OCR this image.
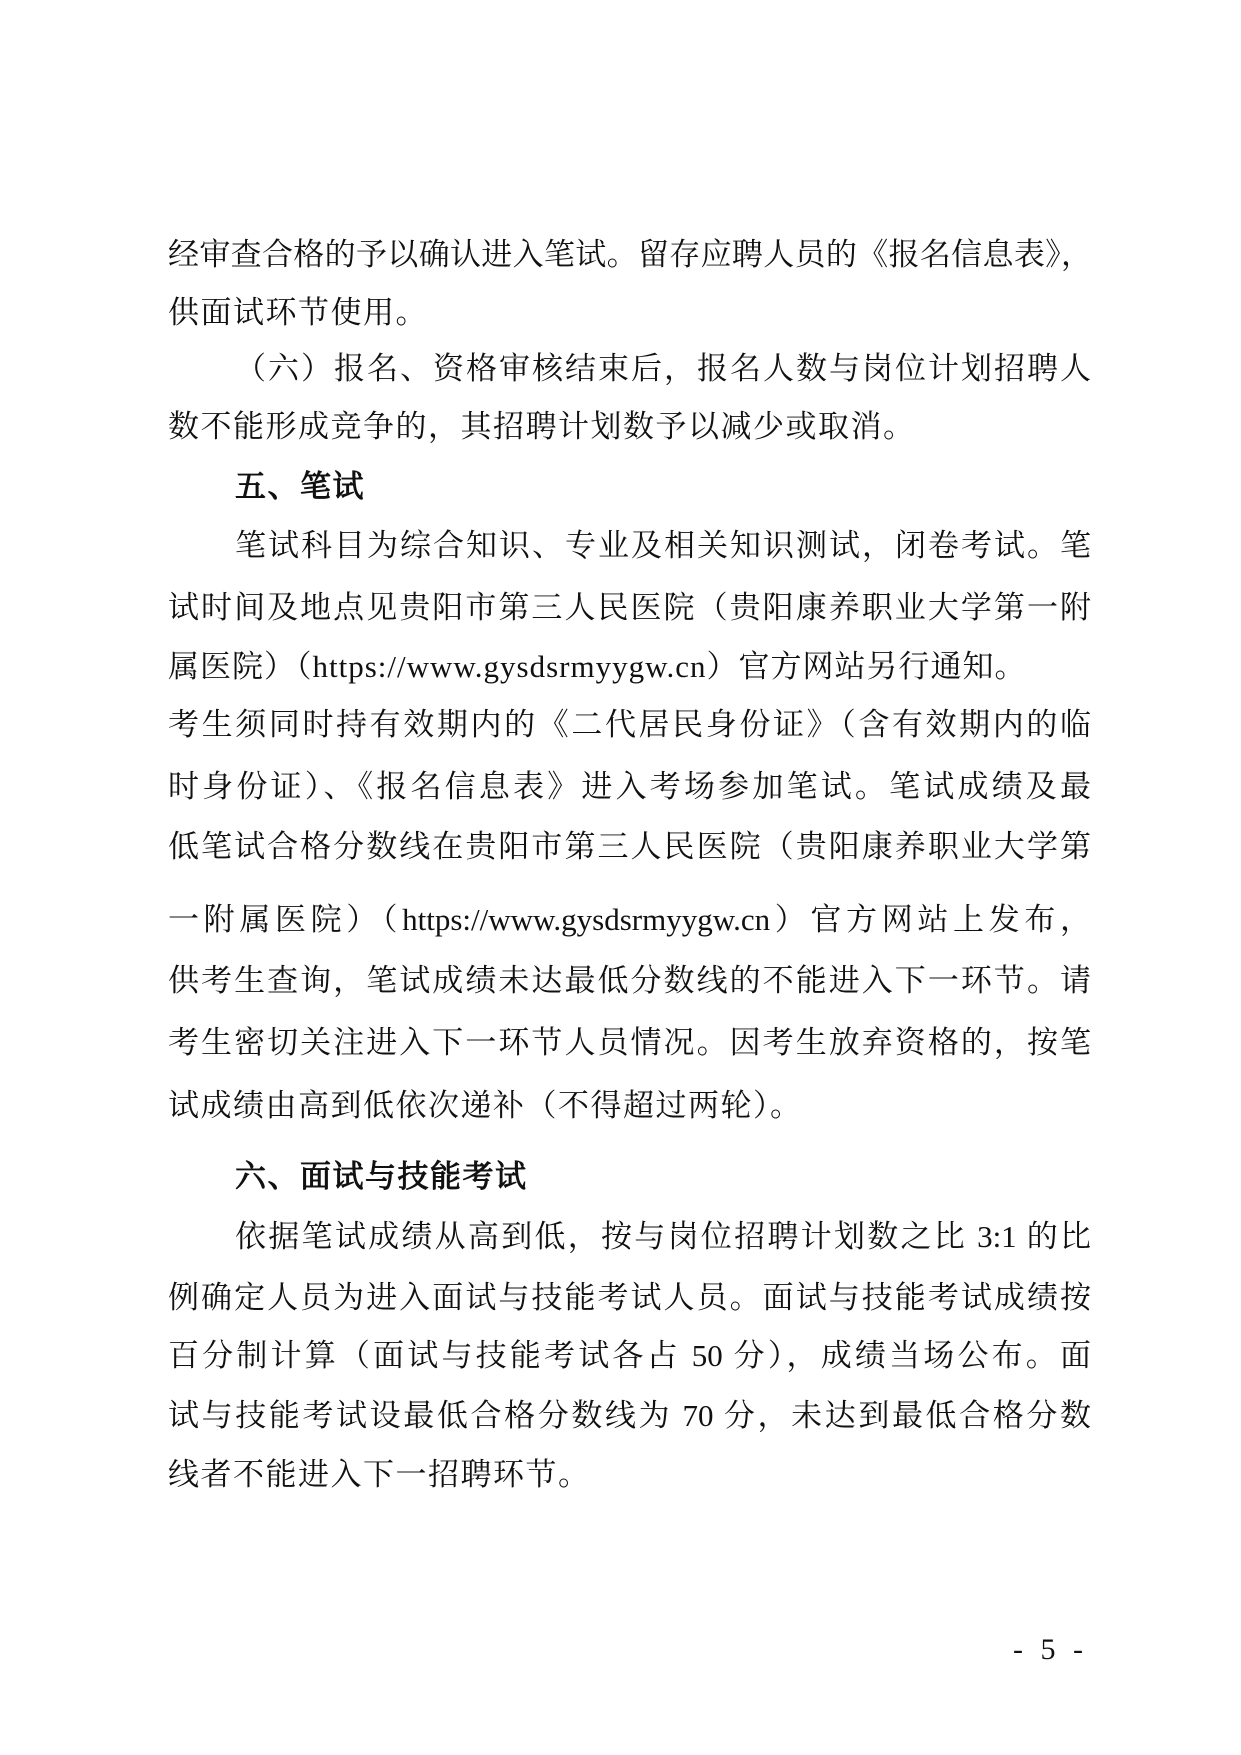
经审查合格的予以确认进入笔试。留存应聘人员的《报名信息表》，
供面试环节使用。
（六）报名、资格审核结束后，报名人数与岗位计划招聘人
数不能形成竞争的，其招聘计划数予以减少或取消。
五、笔试
笔试科目为综合知识、专业及相关知识测试，闭卷考试。笔
试时间及地点见贵阳市第三人民医院（贵阳康养职业大学第一附
属医院）（https://www.gysdsrmyygw.cn）官方网站另行通知。
考生须同时持有效期内的《二代居民身份证》（含有效期内的临
时身份证）、《报名信息表》进入考场参加笔试。笔试成绩及最
低笔试合格分数线在贵阳市第三人民医院（贵阳康养职业大学第
一附属医院）（https://www.gysdsrmyygw.cn）官方网站上发布，
供考生查询，笔试成绩未达最低分数线的不能进入下一环节。请
考生密切关注进入下一环节人员情况。因考生放弃资格的，按笔
试成绩由高到低依次递补（不得超过两轮）。
六、面试与技能考试
依据笔试成绩从高到低，按与岗位招聘计划数之比 3:1 的比
例确定人员为进入面试与技能考试人员。面试与技能考试成绩按
百分制计算（面试与技能考试各占 50 分），成绩当场公布。面
试与技能考试设最低合格分数线为 70 分，未达到最低合格分数
线者不能进入下一招聘环节。
- 5 -
